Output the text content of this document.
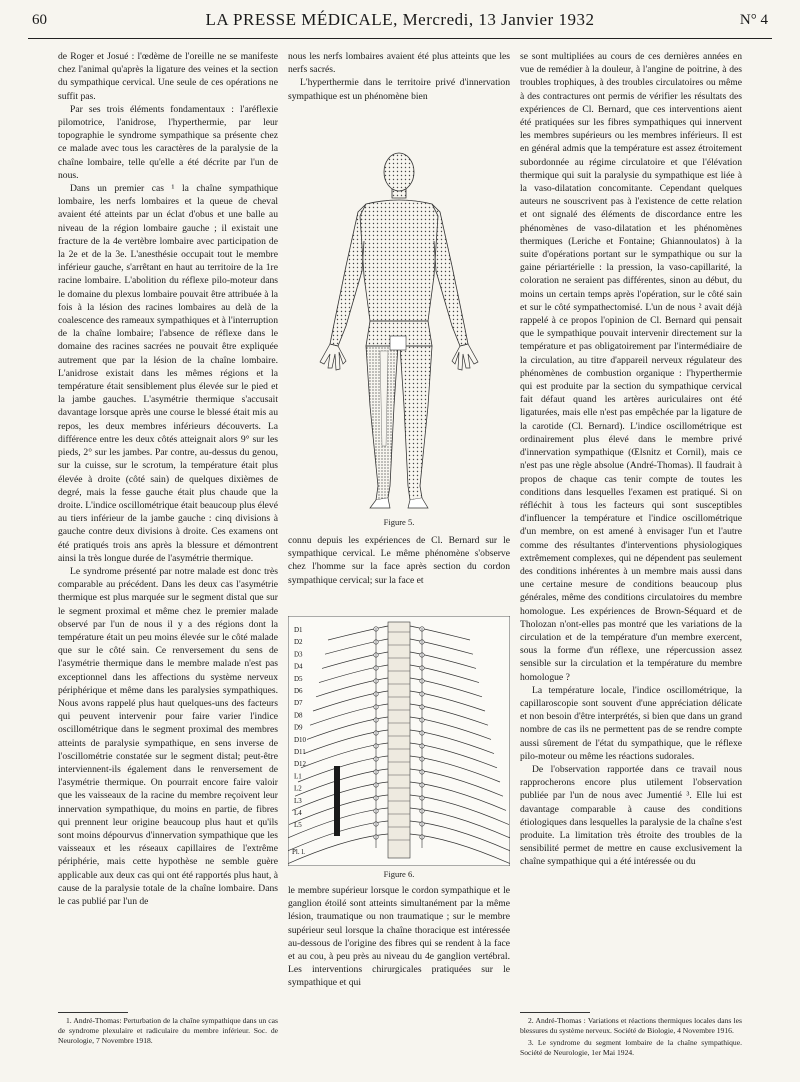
60	LA PRESSE MÉDICALE, Mercredi, 13 Janvier 1932	N° 4

de Roger et Josué : l'œdème de l'oreille ne se manifeste chez l'animal qu'après la ligature des veines et la section du sympathique cervical. Une seule de ces opérations ne suffit pas.

Par ses trois éléments fondamentaux : l'aréflexie pilomotrice, l'anidrose, l'hyperthermie, par leur topographie le syndrome sympathique sa présente chez ce malade avec tous les caractères de la paralysie de la chaîne lombaire, telle qu'elle a été décrite par l'un de nous.

Dans un premier cas ¹ la chaîne sympathique lombaire, les nerfs lombaires et la queue de cheval avaient été atteints par un éclat d'obus et une balle au niveau de la région lombaire gauche ; il existait une fracture de la 4e vertèbre lombaire avec participation de la 2e et de la 3e. L'anesthésie occupait tout le membre inférieur gauche, s'arrêtant en haut au territoire de la 1re racine lombaire. L'abolition du réflexe pilo-moteur dans le domaine du plexus lombaire pouvait être attribuée à la fois à la lésion des racines lombaires au delà de la coalescence des rameaux sympathiques et à l'interruption de la chaîne lombaire; l'absence de réflexe dans le domaine des racines sacrées ne pouvait être expliquée autrement que par la lésion de la chaîne lombaire. L'anidrose existait dans les mêmes régions et la température était sensiblement plus élevée sur le pied et la jambe gauches. L'asymétrie thermique s'accusait davantage lorsque après une course le blessé était mis au repos, les deux membres inférieurs découverts. La différence entre les deux côtés atteignait alors 9° sur les pieds, 2° sur les jambes. Par contre, au-dessus du genou, sur la cuisse, sur le scrotum, la température était plus élevée à droite (côté sain) de quelques dixièmes de degré, mais la fesse gauche était plus chaude que la droite. L'indice oscillométrique était beaucoup plus élevé au tiers inférieur de la jambe gauche : cinq divisions à gauche contre deux divisions à droite. Ces examens ont été pratiqués trois ans après la blessure et démontrent ainsi la très longue durée de l'asymétrie thermique.

Le syndrome présenté par notre malade est donc très comparable au précédent. Dans les deux cas l'asymétrie thermique est plus marquée sur le segment distal que sur le segment proximal et même chez le premier malade observé par l'un de nous il y a des régions dont la température était un peu moins élevée sur le côté malade que sur le côté sain. Ce renversement du sens de l'asymétrie thermique dans le membre malade n'est pas exceptionnel dans les affections du système nerveux périphérique et même dans les paralysies sympathiques. Nous avons rappelé plus haut quelques-uns des facteurs qui peuvent intervenir pour faire varier l'indice oscillométrique dans le segment proximal des membres atteints de paralysie sympathique, en sens inverse de l'oscillométrie constatée sur le segment distal; peut-être interviennent-ils également dans le renversement de l'asymétrie thermique. On pourrait encore faire valoir que les vaisseaux de la racine du membre reçoivent leur innervation sympathique, du moins en partie, de fibres qui prennent leur origine beaucoup plus haut et qu'ils sont moins dépourvus d'innervation sympathique que les vaisseaux et les réseaux capillaires de l'extrême périphérie, mais cette hypothèse ne semble guère applicable aux deux cas qui ont été rapportés plus haut, à cause de la paralysie totale de la chaîne lombaire. Dans le cas publié par l'un de

nous les nerfs lombaires avaient été plus atteints que les nerfs sacrés.

L'hyperthermie dans le territoire privé d'innervation sympathique est un phénomène bien

Figure 5.

connu depuis les expériences de Cl. Bernard sur le sympathique cervical. Le même phénomène s'observe chez l'homme sur la face après section du cordon sympathique cervical; sur la face et

D1
D2
D3
D4
D5
D6
D7
D8
D9
D10
D11
D12
L1
L2
L3
L4
L5
Pl. l.
Figure 6.

le membre supérieur lorsque le cordon sympathique et le ganglion étoilé sont atteints simultanément par la même lésion, traumatique ou non traumatique ; sur le membre supérieur seul lorsque la chaîne thoracique est intéressée au-dessous de l'origine des fibres qui se rendent à la face et au cou, à peu près au niveau du 4e ganglion vertébral. Les interventions chirurgicales pratiquées sur le sympathique et qui

se sont multipliées au cours de ces dernières années en vue de remédier à la douleur, à l'angine de poitrine, à des troubles trophiques, à des troubles circulatoires ou même à des contractures ont permis de vérifier les résultats des expériences de Cl. Bernard, que ces interventions aient été pratiquées sur les fibres sympathiques qui innervent les membres supérieurs ou les membres inférieurs. Il est en général admis que la température est assez étroitement subordonnée au régime circulatoire et que l'élévation thermique qui suit la paralysie du sympathique est liée à la vaso-dilatation concomitante. Cependant quelques auteurs ne souscrivent pas à l'existence de cette relation et ont signalé des éléments de discordance entre les phénomènes de vaso-dilatation et les phénomènes thermiques (Leriche et Fontaine; Ghiannoulatos) à la suite d'opérations portant sur le sympathique ou sur la gaine périartérielle : la pression, la vaso-capillarité, la coloration ne seraient pas différentes, sinon au début, du moins un certain temps après l'opération, sur le côté sain et sur le côté sympathectomisé. L'un de nous ² avait déjà rappelé à ce propos l'opinion de Cl. Bernard qui pensait que le sympathique pouvait intervenir directement sur la température et pas obligatoirement par l'intermédiaire de la circulation, au titre d'appareil nerveux régulateur des phénomènes de combustion organique : l'hyperthermie qui est produite par la section du sympathique cervical fait défaut quand les artères auriculaires ont été ligaturées, mais elle n'est pas empêchée par la ligature de la carotide (Cl. Bernard). L'indice oscillométrique est ordinairement plus élevé dans le membre privé d'innervation sympathique (Œlsnitz et Cornil), mais ce n'est pas une règle absolue (André-Thomas). Il faudrait à propos de chaque cas tenir compte de toutes les conditions dans lesquelles l'examen est pratiqué. Si on réfléchit à tous les facteurs qui sont susceptibles d'influencer la température et l'indice oscillométrique d'un membre, on est amené à envisager l'un et l'autre comme des résultantes d'interventions physiologiques extrêmement complexes, qui ne dépendent pas seulement des conditions inhérentes à un membre mais aussi dans une certaine mesure de conditions beaucoup plus générales, même des conditions circulatoires du membre homologue. Les expériences de Brown-Séquard et de Tholozan n'ont-elles pas montré que les variations de la circulation et de la température d'un membre exercent, sous la forme d'un réflexe, une répercussion assez sensible sur la circulation et la température du membre homologue ?

La température locale, l'indice oscillométrique, la capillaroscopie sont souvent d'une appréciation délicate et non besoin d'être interprétés, si bien que dans un grand nombre de cas ils ne permettent pas de se rendre compte aussi sûrement de l'état du sympathique, que le réflexe pilo-moteur ou même les réactions sudorales.

De l'observation rapportée dans ce travail nous rapprocherons encore plus utilement l'observation publiée par l'un de nous avec Jumentié ³. Elle lui est davantage comparable à cause des conditions étiologiques dans lesquelles la paralysie de la chaîne s'est produite. La limitation très étroite des troubles de la sensibilité permet de mettre en cause exclusivement la chaîne sympathique qui a été intéressée ou du

1. André-Thomas: Perturbation de la chaîne sympathique dans un cas de syndrome plexulaire et radiculaire du membre inférieur. Soc. de Neurologie, 7 Novembre 1918.

2. André-Thomas : Variations et réactions thermiques locales dans les blessures du système nerveux. Société de Biologie, 4 Novembre 1916.

3. Le syndrome du segment lombaire de la chaîne sympathique. Société de Neurologie, 1er Mai 1924.
